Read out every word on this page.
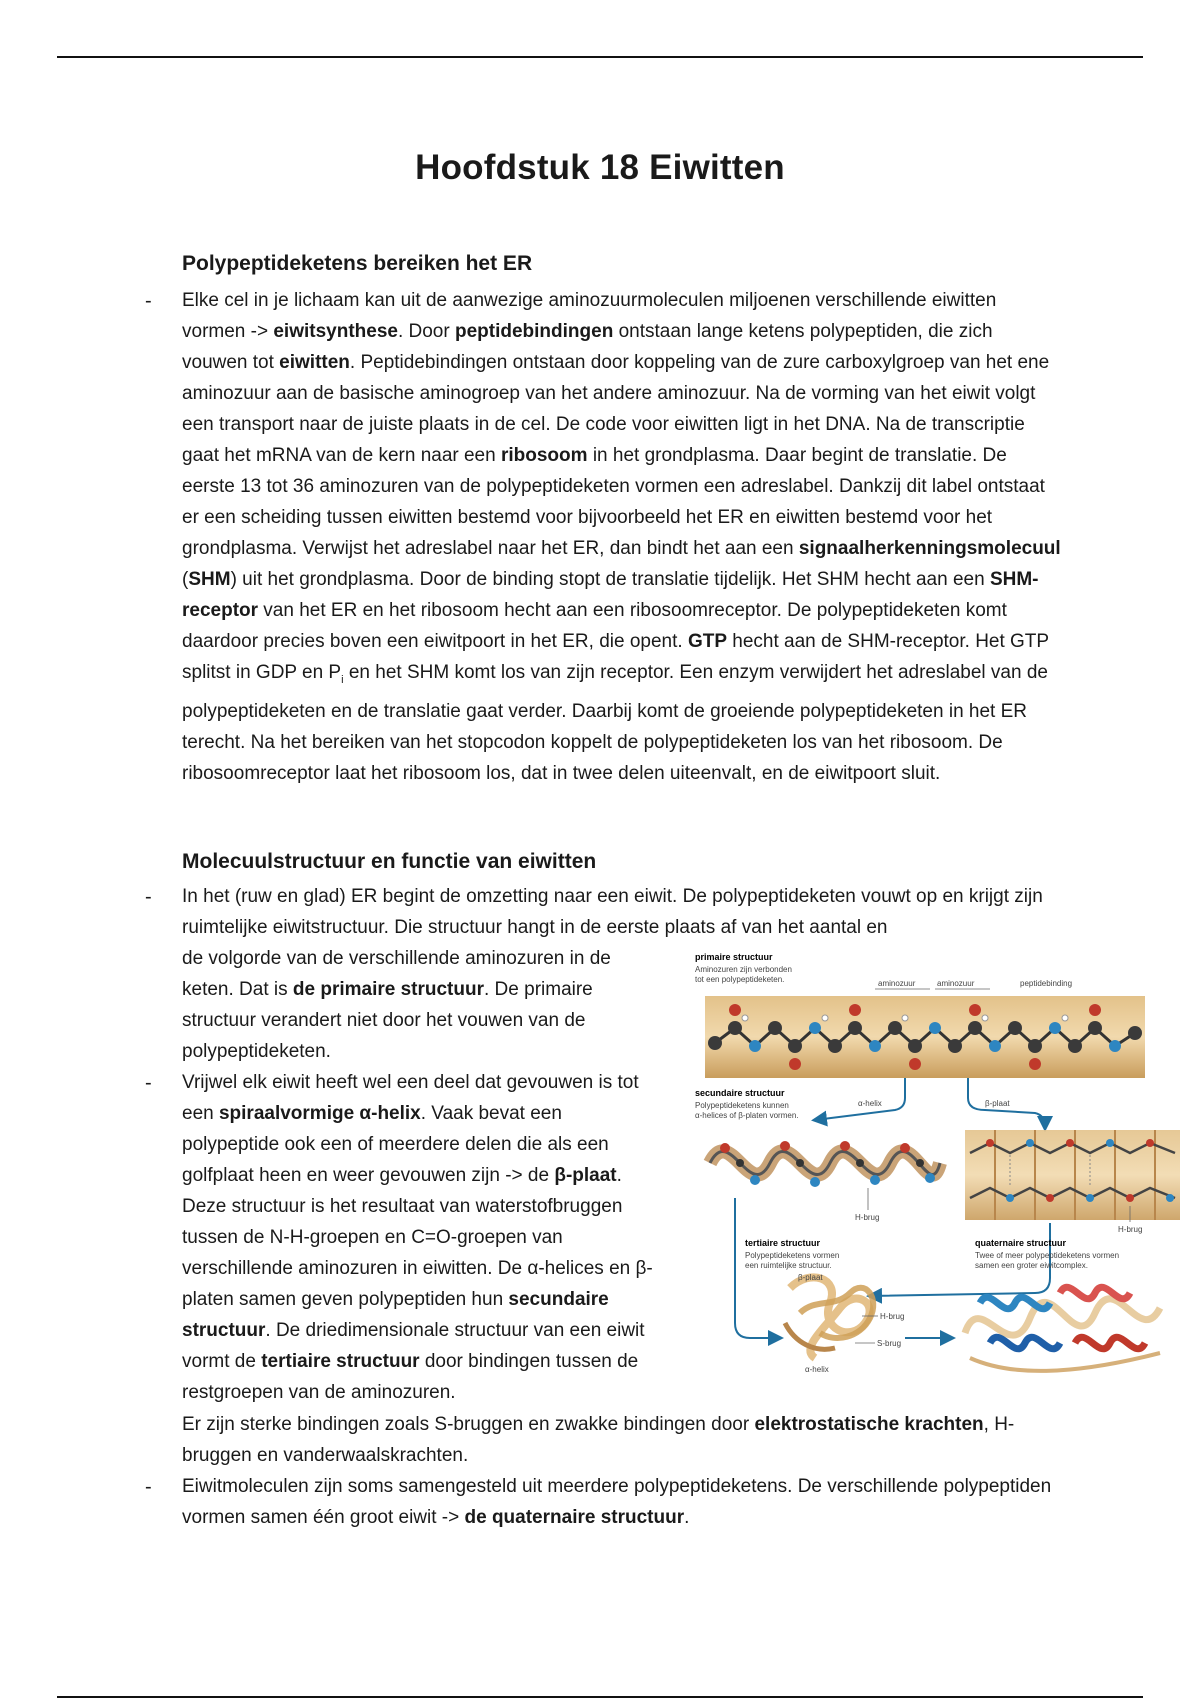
Hoofdstuk 18 Eiwitten
Polypeptideketens bereiken het ER
- Elke cel in je lichaam kan uit de aanwezige aminozuurmoleculen miljoenen verschillende eiwitten vormen -> eiwitsynthese. Door peptidebindingen ontstaan lange ketens polypeptiden, die zich vouwen tot eiwitten. Peptidebindingen ontstaan door koppeling van de zure carboxylgroep van het ene aminozuur aan de basische aminogroep van het andere aminozuur. Na de vorming van het eiwit volgt een transport naar de juiste plaats in de cel. De code voor eiwitten ligt in het DNA. Na de transcriptie gaat het mRNA van de kern naar een ribosoom in het grondplasma. Daar begint de translatie. De eerste 13 tot 36 aminozuren van de polypeptideketen vormen een adreslabel. Dankzij dit label ontstaat er een scheiding tussen eiwitten bestemd voor bijvoorbeeld het ER en eiwitten bestemd voor het grondplasma. Verwijst het adreslabel naar het ER, dan bindt het aan een signaalherkenningsmolecuul (SHM) uit het grondplasma. Door de binding stopt de translatie tijdelijk. Het SHM hecht aan een SHM-receptor van het ER en het ribosoom hecht aan een ribosoomreceptor. De polypeptideketen komt daardoor precies boven een eiwitpoort in het ER, die opent. GTP hecht aan de SHM-receptor. Het GTP splitst in GDP en $P_i$ en het SHM komt los van zijn receptor. Een enzym verwijdert het adreslabel van de polypeptideketen en de translatie gaat verder. Daarbij komt de groeiende polypeptideketen in het ER terecht. Na het bereiken van het stopcodon koppelt de polypeptideketen los van het ribosoom. De ribosoomreceptor laat het ribosoom los, dat in twee delen uiteenvalt, en de eiwitpoort sluit.

Molecuulstructuur en functie van eiwitten
- In het (ruw en glad) ER begint de omzetting naar een eiwit. De polypeptideketen vouwt op en krijgt zijn ruimtelijke eiwitstructuur. Die structuur hangt in de eerste plaats af van het aantal en

de volgorde van de verschillende aminozuren in de keten. Dat is de primaire structuur. De primaire structuur verandert niet door het vouwen van de polypeptideketen.

- Vrijwel elk eiwit heeft wel een deel dat gevouwen is tot een spiraalvormige α-helix. Vaak bevat een polypeptide ook een of meerdere delen die als een golfplaat heen en weer gevouwen zijn -> de β-plaat. Deze structuur is het resultaat van waterstofbruggen tussen de N-H-groepen en C=O-groepen van verschillende aminozuren in eiwitten. De α-helices en β-platen samen geven polypeptiden hun secundaire structuur. De driedimensionale structuur van een eiwit vormt de tertiaire structuur door bindingen tussen de restgroepen van de aminozuren.

Er zijn sterke bindingen zoals S-bruggen en zwakke bindingen door elektrostatische krachten, H-bruggen en vanderwaalskrachten.

- Eiwitmoleculen zijn soms samengesteld uit meerdere polypeptideketens. De verschillende polypeptiden vormen samen één groot eiwit -> de quaternaire structuur.

primaire structuur
Aminozuren zijn verbonden
tot een polypeptideketen.	aminozuur	aminozuur	peptidebinding
secundaire structuur
Polypeptideketens kunnen
α-helices of β-platen vormen.
α-helix	β-plaat
H-brug
H-brug
tertiaire structuur
Polypeptideketens vormen
een ruimtelijke structuur.
β-plaat
H-brug
S-brug
α-helix
quaternaire structuur
Twee of meer polypeptideketens vormen
samen een groter eiwitcomplex.
